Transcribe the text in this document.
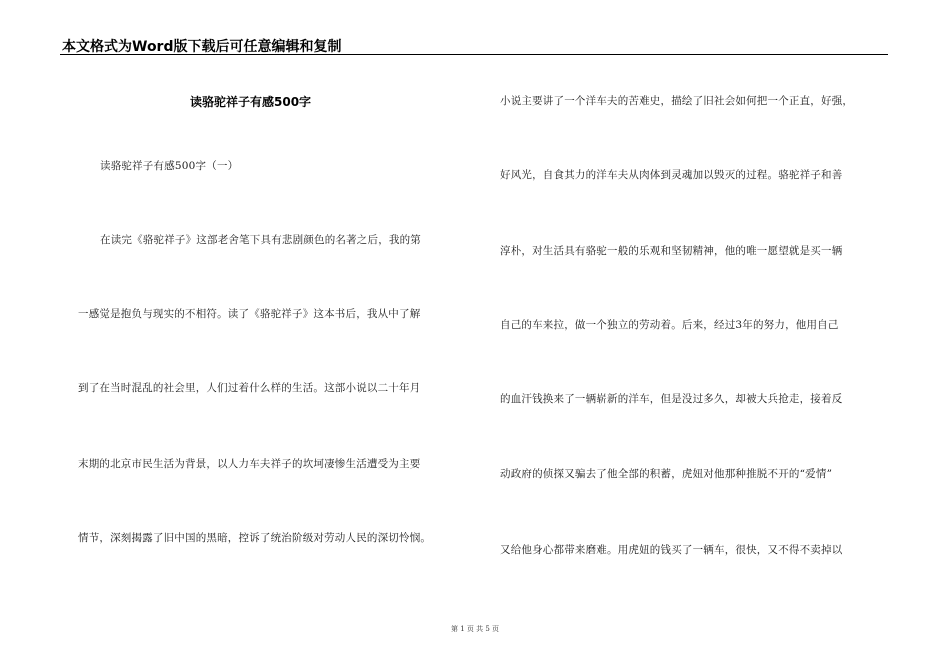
本文格式为Word版下载后可任意编辑和复制
读骆驼祥子有感500字
读骆驼祥子有感500字（一）
在读完《骆驼祥子》这部老舍笔下具有悲剧颜色的名著之后，我的第
一感觉是抱负与现实的不相符。读了《骆驼祥子》这本书后，我从中了解
到了在当时混乱的社会里，人们过着什么样的生活。这部小说以二十年月
末期的北京市民生活为背景，以人力车夫祥子的坎坷凄惨生活遭受为主要
情节，深刻揭露了旧中国的黑暗，控诉了统治阶级对劳动人民的深切怜悯。
小说主要讲了一个洋车夫的苦难史，描绘了旧社会如何把一个正直，好强，
好风光，自食其力的洋车夫从肉体到灵魂加以毁灭的过程。骆驼祥子和善
淳朴，对生活具有骆驼一般的乐观和坚韧精神，他的唯一愿望就是买一辆
自己的车来拉，做一个独立的劳动着。后来，经过3年的努力，他用自己
的血汗钱换来了一辆崭新的洋车，但是没过多久，却被大兵抢走，接着反
动政府的侦探又骗去了他全部的积蓄，虎妞对他那种推脱不开的“爱情”
又给他身心都带来磨难。用虎妞的钱买了一辆车，很快，又不得不卖掉以
第 1 页 共 5 页
